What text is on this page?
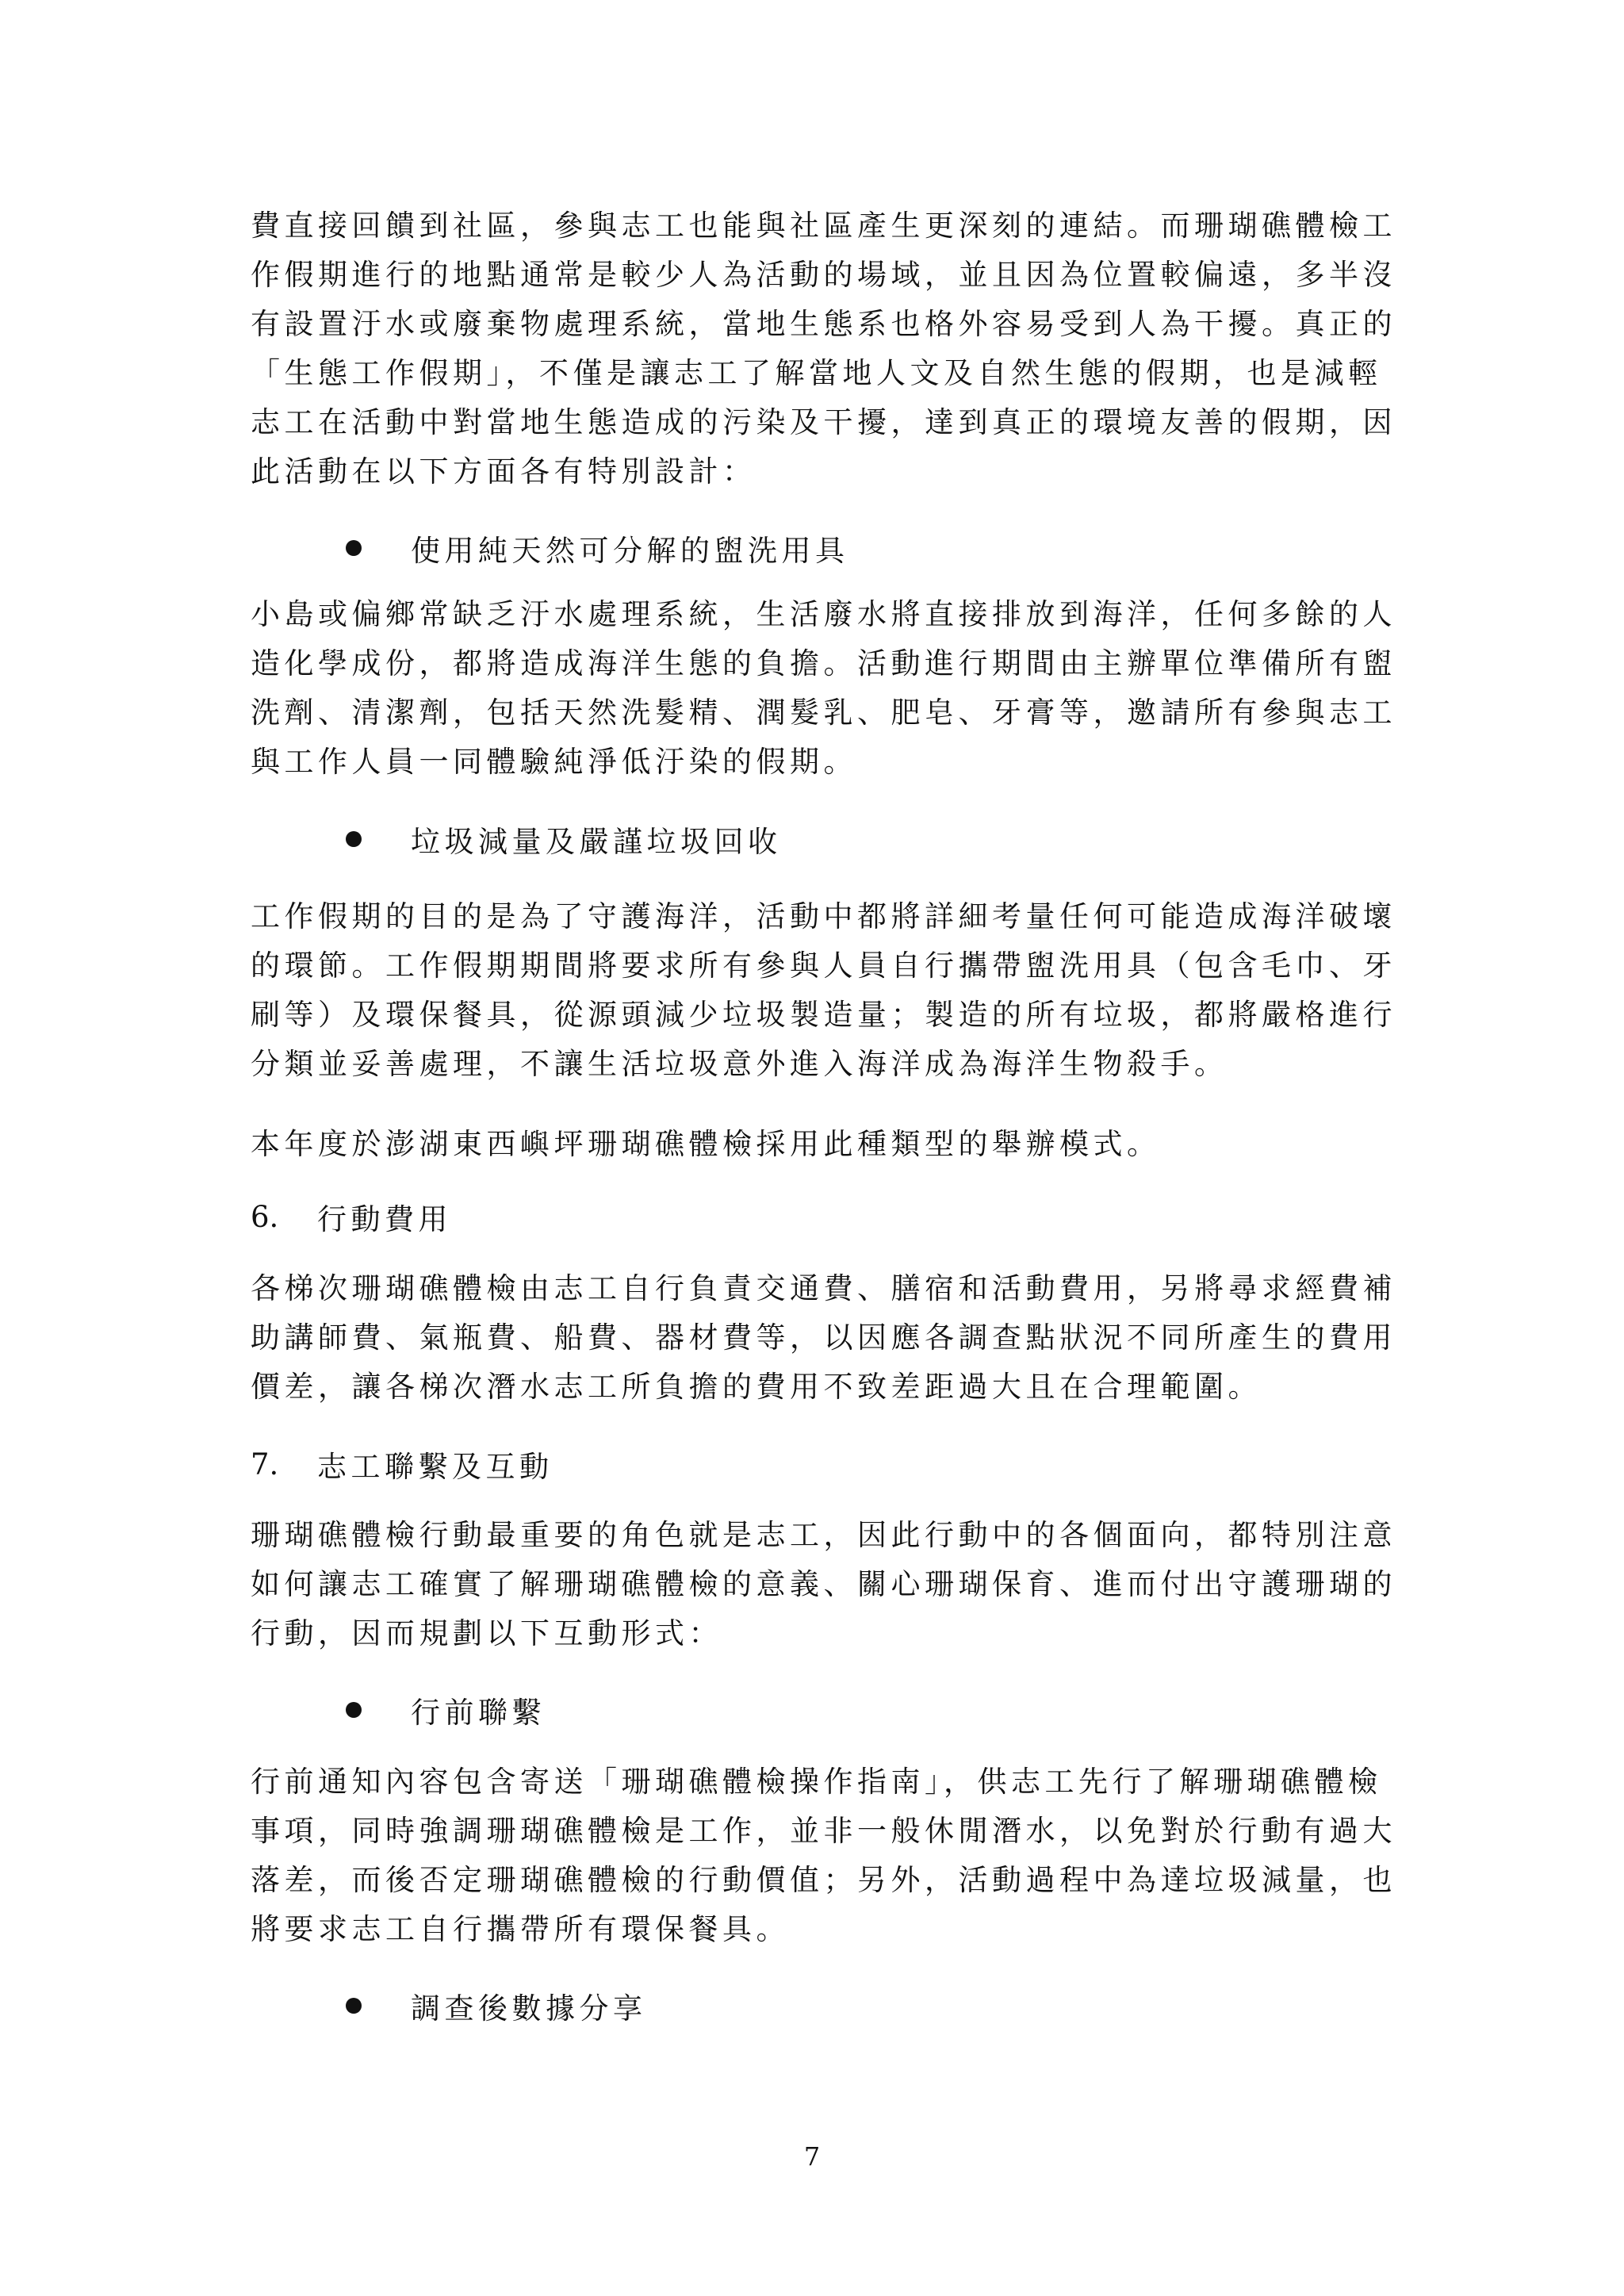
費直接回饋到社區，參與志工也能與社區產生更深刻的連結。而珊瑚礁體檢工
作假期進行的地點通常是較少人為活動的場域，並且因為位置較偏遠，多半沒
有設置汙水或廢棄物處理系統，當地生態系也格外容易受到人為干擾。真正的
「生態工作假期」，不僅是讓志工了解當地人文及自然生態的假期，也是減輕
志工在活動中對當地生態造成的污染及干擾，達到真正的環境友善的假期，因
此活動在以下方面各有特別設計：
使用純天然可分解的盥洗用具
小島或偏鄉常缺乏汙水處理系統，生活廢水將直接排放到海洋，任何多餘的人
造化學成份，都將造成海洋生態的負擔。活動進行期間由主辦單位準備所有盥
洗劑、清潔劑，包括天然洗髮精、潤髮乳、肥皂、牙膏等，邀請所有參與志工
與工作人員一同體驗純淨低汙染的假期。
垃圾減量及嚴謹垃圾回收
工作假期的目的是為了守護海洋，活動中都將詳細考量任何可能造成海洋破壞
的環節。工作假期期間將要求所有參與人員自行攜帶盥洗用具（包含毛巾、牙
刷等）及環保餐具，從源頭減少垃圾製造量；製造的所有垃圾，都將嚴格進行
分類並妥善處理，不讓生活垃圾意外進入海洋成為海洋生物殺手。
本年度於澎湖東西嶼坪珊瑚礁體檢採用此種類型的舉辦模式。
6.	行動費用
各梯次珊瑚礁體檢由志工自行負責交通費、膳宿和活動費用，另將尋求經費補
助講師費、氣瓶費、船費、器材費等，以因應各調查點狀況不同所產生的費用
價差，讓各梯次潛水志工所負擔的費用不致差距過大且在合理範圍。
7.	志工聯繫及互動
珊瑚礁體檢行動最重要的角色就是志工，因此行動中的各個面向，都特別注意
如何讓志工確實了解珊瑚礁體檢的意義、關心珊瑚保育、進而付出守護珊瑚的
行動，因而規劃以下互動形式：
行前聯繫
行前通知內容包含寄送「珊瑚礁體檢操作指南」，供志工先行了解珊瑚礁體檢
事項，同時強調珊瑚礁體檢是工作，並非一般休閒潛水，以免對於行動有過大
落差，而後否定珊瑚礁體檢的行動價值；另外，活動過程中為達垃圾減量，也
將要求志工自行攜帶所有環保餐具。
調查後數據分享
7
